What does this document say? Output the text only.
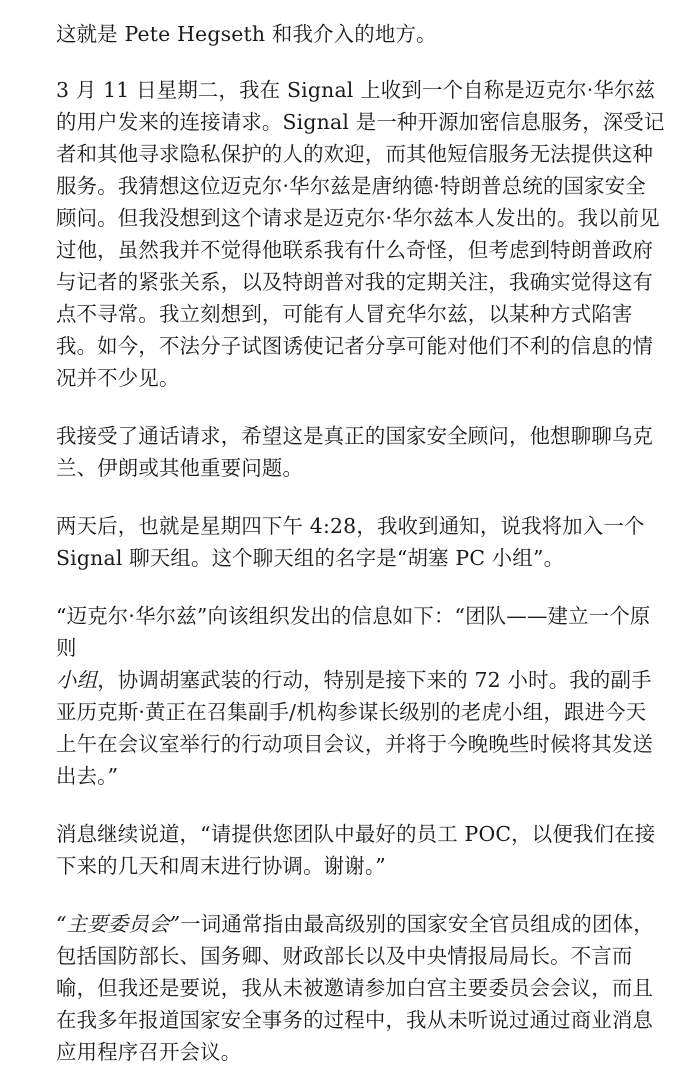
这就是 Pete Hegseth 和我介入的地方。

3 月 11 日星期二，我在 Signal 上收到一个自称是迈克尔·华尔兹的用户发来的连接请求。Signal 是一种开源加密信息服务，深受记者和其他寻求隐私保护的人的欢迎，而其他短信服务无法提供这种服务。我猜想这位迈克尔·华尔兹是唐纳德·特朗普总统的国家安全顾问。但我没想到这个请求是迈克尔·华尔兹本人发出的。我以前见过他，虽然我并不觉得他联系我有什么奇怪，但考虑到特朗普政府与记者的紧张关系，以及特朗普对我的定期关注，我确实觉得这有点不寻常。我立刻想到，可能有人冒充华尔兹，以某种方式陷害我。如今，不法分子试图诱使记者分享可能对他们不利的信息的情况并不少见。

我接受了通话请求，希望这是真正的国家安全顾问，他想聊聊乌克兰、伊朗或其他重要问题。

两天后，也就是星期四下午 4:28，我收到通知，说我将加入一个 Signal 聊天组。这个聊天组的名字是“胡塞 PC 小组”。

“迈克尔·华尔兹”向该组织发出的信息如下：“团队——建立一个原则
小组，协调胡塞武装的行动，特别是接下来的 72 小时。我的副手亚历克斯·黄正在召集副手/机构参谋长级别的老虎小组，跟进今天上午在会议室举行的行动项目会议，并将于今晚晚些时候将其发送出去。”

消息继续说道，“请提供您团队中最好的员工 POC，以便我们在接下来的几天和周末进行协调。谢谢。”

“主要委员会”一词通常指由最高级别的国家安全官员组成的团体，包括国防部长、国务卿、财政部长以及中央情报局局长。不言而喻，但我还是要说，我从未被邀请参加白宫主要委员会会议，而且在我多年报道国家安全事务的过程中，我从未听说过通过商业消息应用程序召开会议。
